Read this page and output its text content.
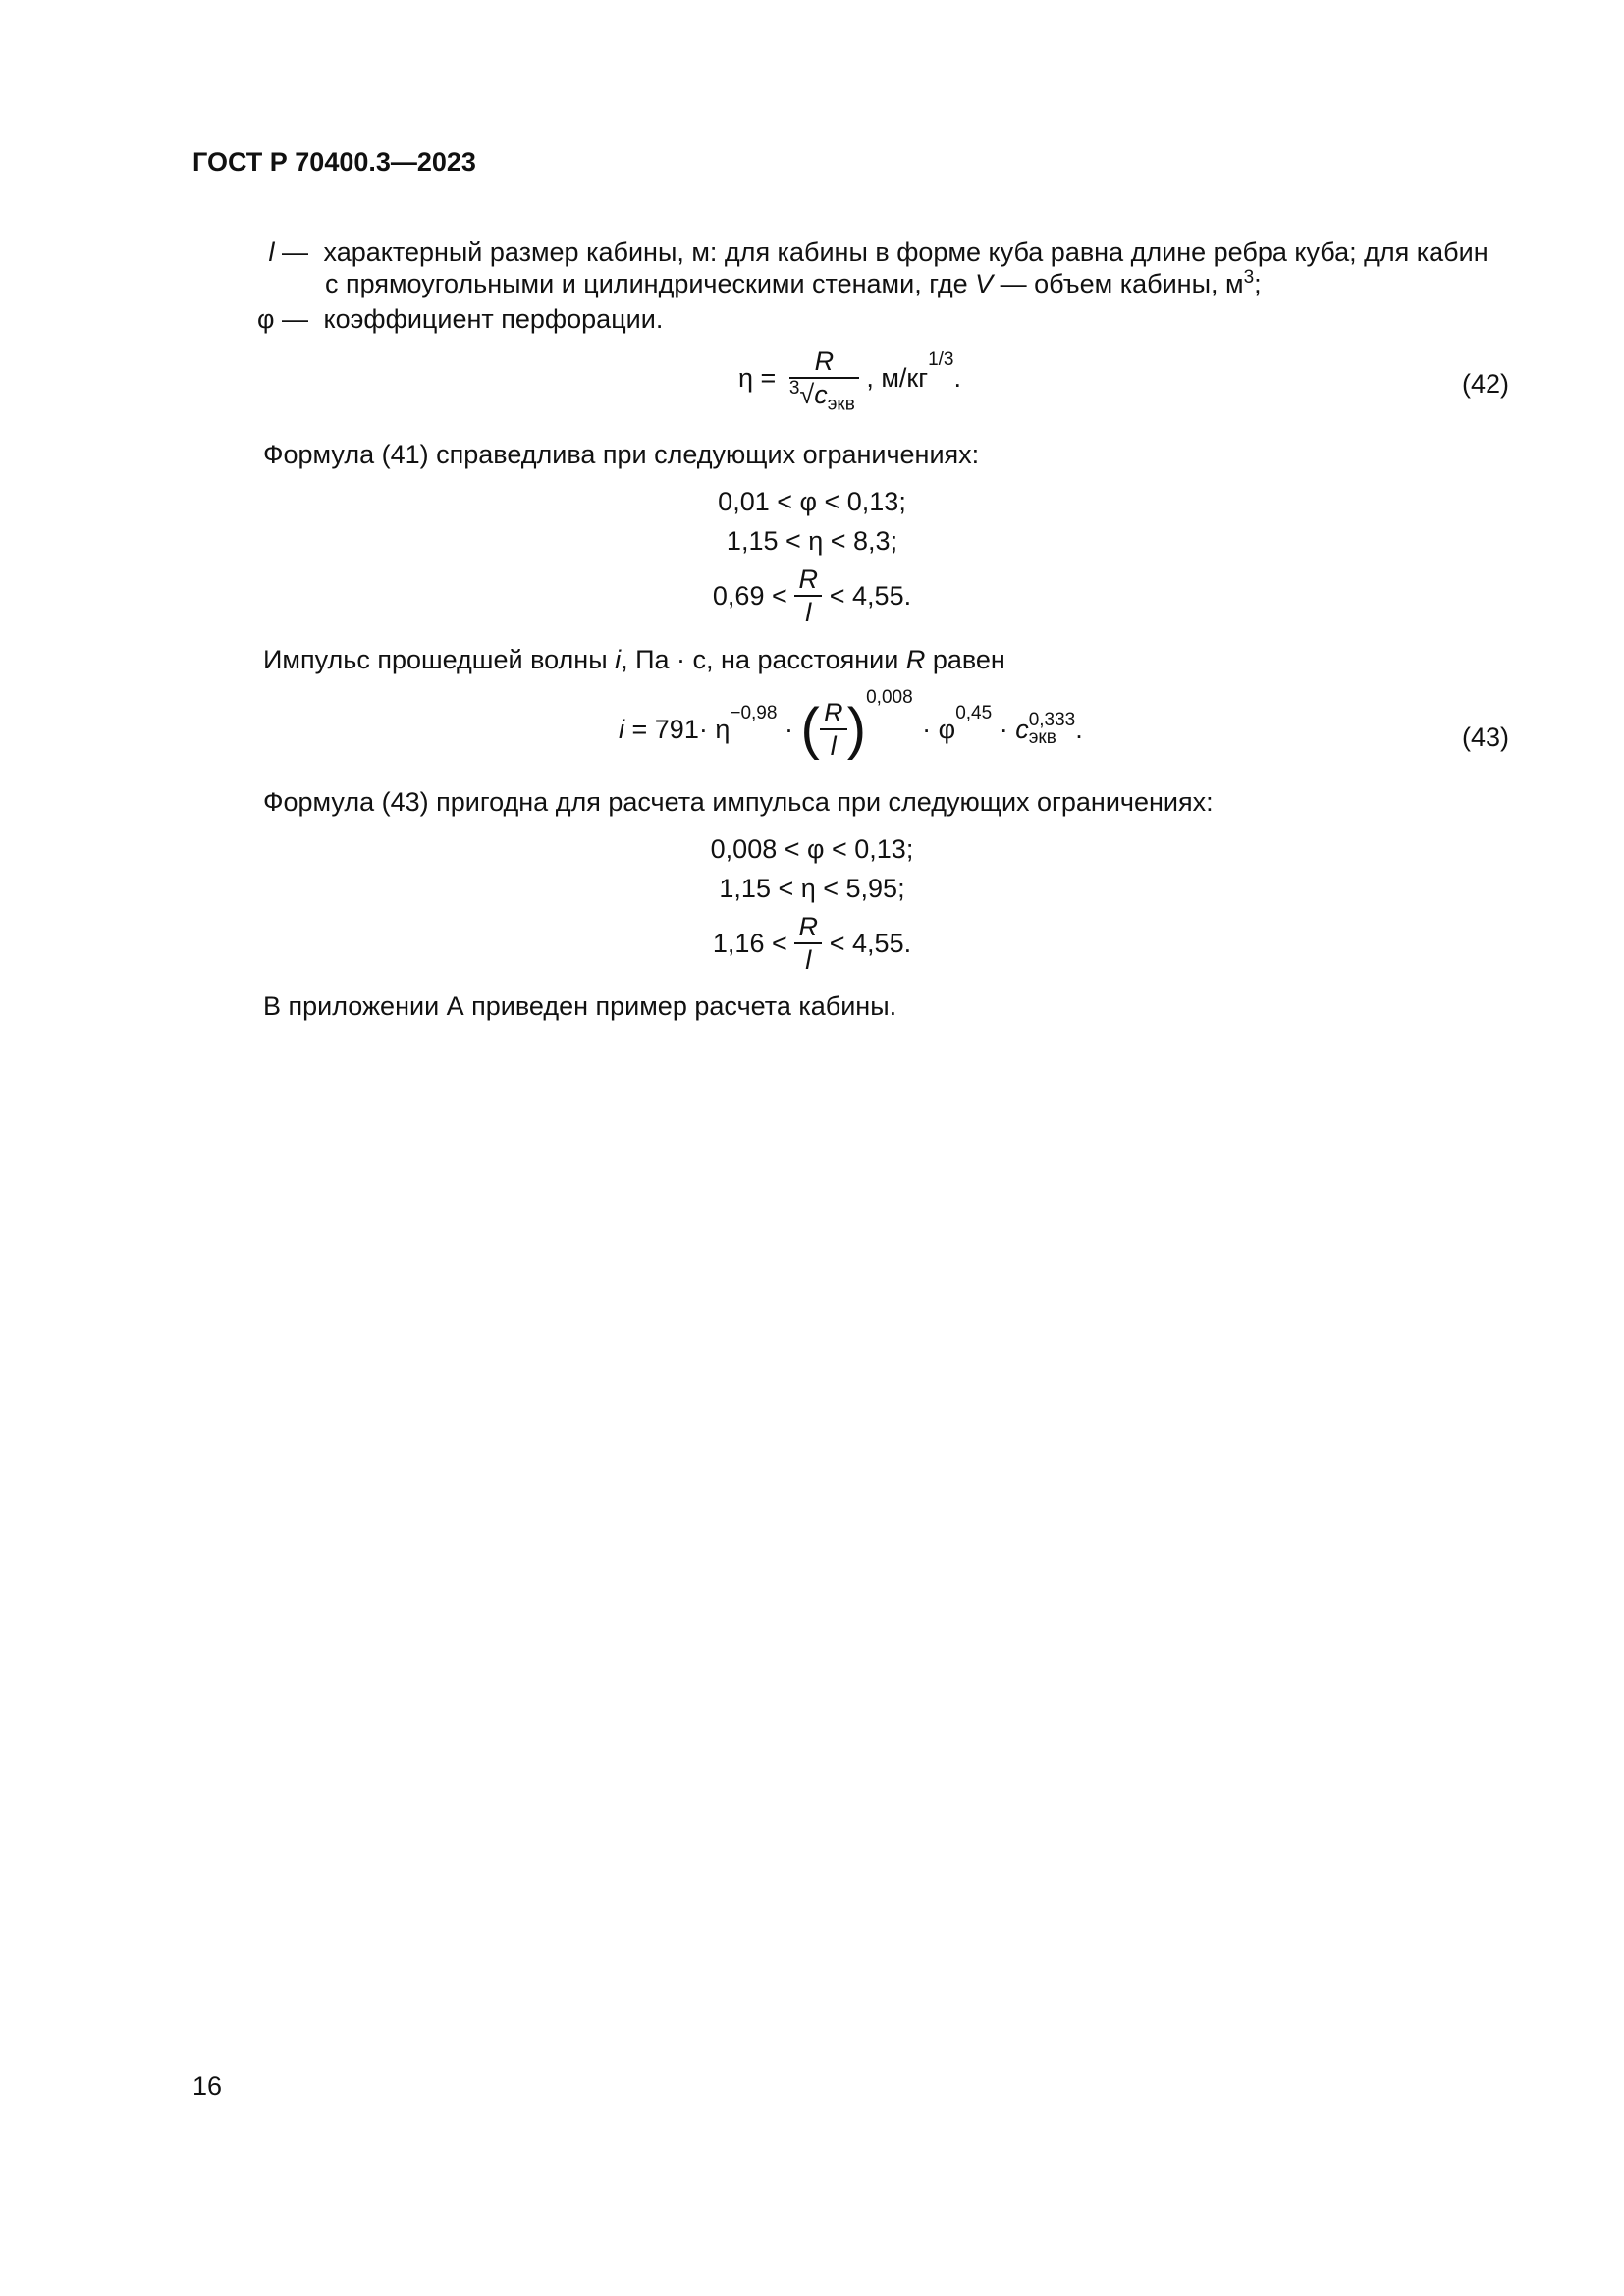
ГОСТ Р 70400.3—2023
l — характерный размер кабины, м: для кабины в форме куба равна длине ребра куба; для кабин
с прямоугольными и цилиндрическими стенами, где V — объем кабины, $м^3$;
φ — коэффициент перфорации.
η =
R
$^3√c_{экв}$
, $м/кг^{1/3}$.	(42)
Формула (41) справедлива при следующих ограничениях:
0,01 < φ < 0,13;
1,15 < η < 8,3;
$0,69 < \frac{R}{l} < 4,55$.
Импульс прошедшей волны i, Па · с, на расстоянии R равен
$i = 791\cdot \eta^{-0,98}$ · ( $\frac{R}{l} )^{0,008} \cdot \varphi^{0,45} \cdot c$ 0,333
экв .	(43)
Формула (43) пригодна для расчета импульса при следующих ограничениях:
0,008 < φ < 0,13;
1,15 < η < 5,95;
$1,16 < \frac{R}{l} < 4,55$.
В приложении А приведен пример расчета кабины.
16
